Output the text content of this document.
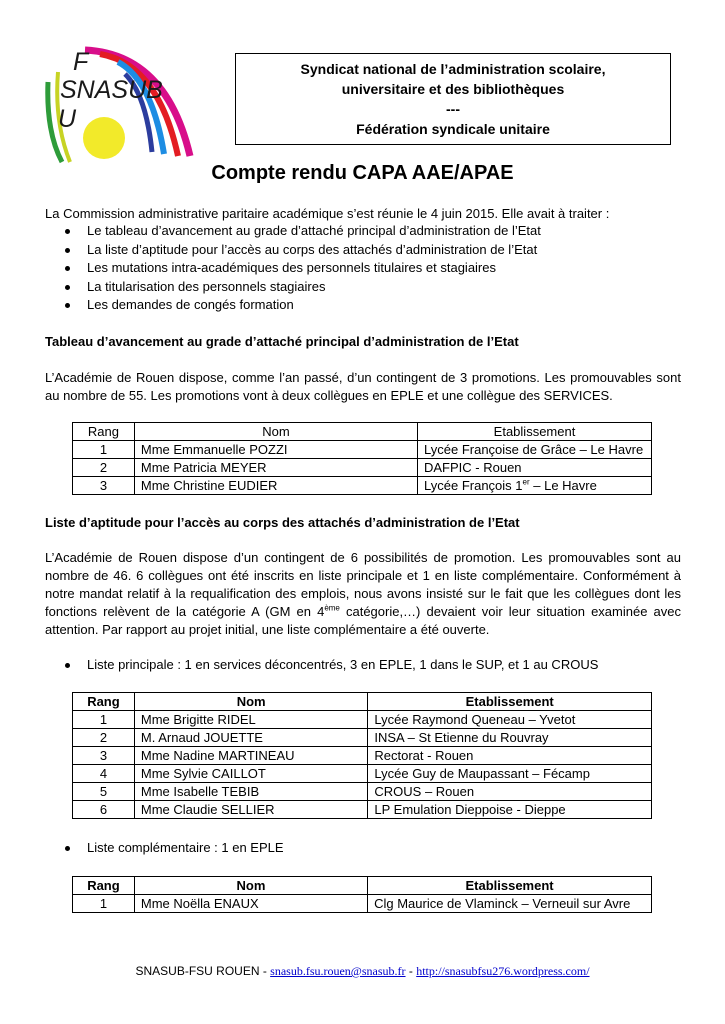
F
SNASUB
U
Syndicat national de l’administration scolaire,
universitaire et des bibliothèques
---
Fédération syndicale unitaire
Compte rendu CAPA AAE/APAE
La Commission administrative paritaire académique s’est réunie le 4 juin 2015. Elle avait à traiter :
Le tableau d’avancement au grade d’attaché principal d’administration de l’Etat
La liste d’aptitude pour l’accès au corps des attachés d’administration de l’Etat
Les mutations intra-académiques des personnels titulaires et stagiaires
La titularisation des personnels stagiaires
Les demandes de congés formation
Tableau d’avancement au grade d’attaché principal d’administration de l’Etat
L’Académie de Rouen dispose, comme l’an passé, d’un contingent de 3 promotions. Les promouvables sont au nombre de 55. Les promotions vont à deux collègues en EPLE et une collègue des SERVICES.
Rang	Nom	Etablissement
1	Mme Emmanuelle POZZI	Lycée Françoise de Grâce – Le Havre
2	Mme Patricia MEYER	DAFPIC - Rouen
3	Mme Christine EUDIER	Lycée François 1er – Le Havre
Liste d’aptitude pour l’accès au corps des attachés d’administration de l’Etat
L’Académie de Rouen dispose d’un contingent de 6 possibilités de promotion. Les promouvables sont au nombre de 46. 6 collègues ont été inscrits en liste principale et 1 en liste complémentaire. Conformément à notre mandat relatif à la requalification des emplois, nous avons insisté sur le fait que les collègues dont les fonctions relèvent de la catégorie A (GM en 4ème catégorie,…) devaient voir leur situation examinée avec attention. Par rapport au projet initial, une liste complémentaire a été ouverte.
Liste principale : 1 en services déconcentrés, 3 en EPLE, 1 dans le SUP, et 1 au CROUS
Rang	Nom	Etablissement
1	Mme Brigitte RIDEL	Lycée Raymond Queneau – Yvetot
2	M. Arnaud JOUETTE	INSA – St Etienne du Rouvray
3	Mme Nadine MARTINEAU	Rectorat - Rouen
4	Mme Sylvie CAILLOT	Lycée Guy de Maupassant – Fécamp
5	Mme Isabelle TEBIB	CROUS – Rouen
6	Mme Claudie SELLIER	LP Emulation Dieppoise - Dieppe
Liste complémentaire : 1 en EPLE
Rang	Nom	Etablissement
1	Mme Noëlla ENAUX	Clg Maurice de Vlaminck – Verneuil sur Avre
SNASUB-FSU ROUEN - snasub.fsu.rouen@snasub.fr - http://snasubfsu276.wordpress.com/
